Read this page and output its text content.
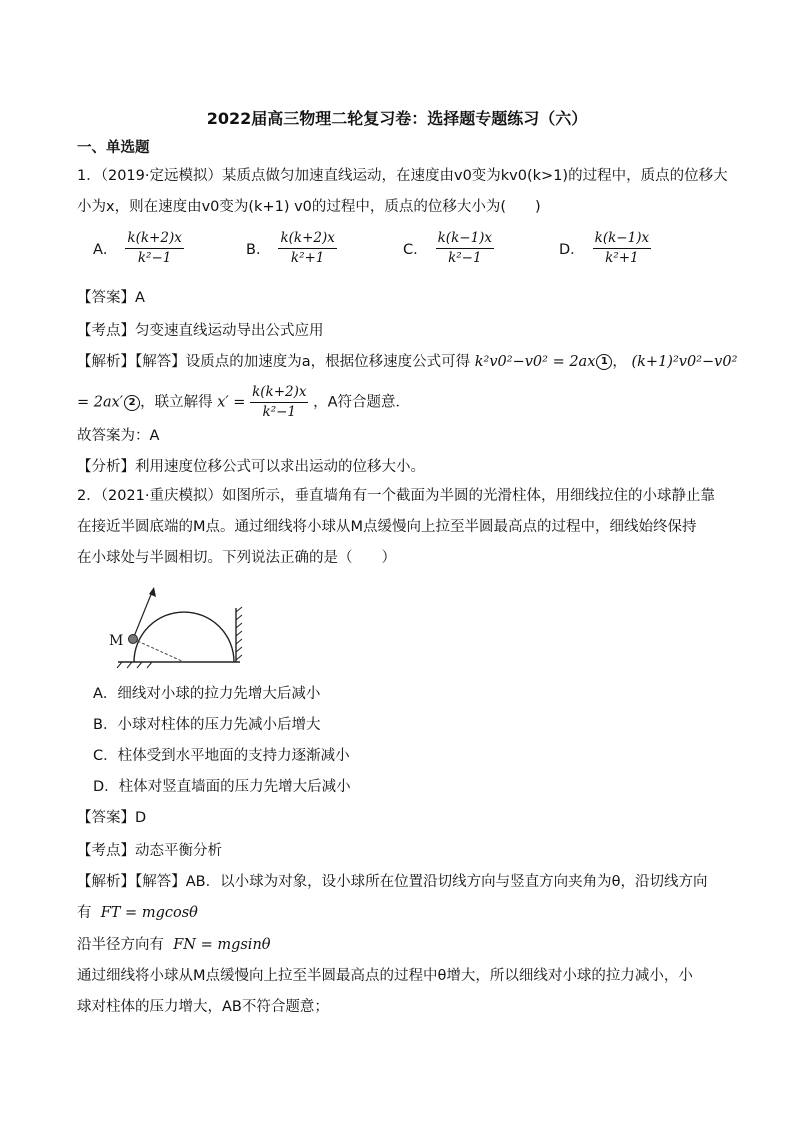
2022届高三物理二轮复习卷：选择题专题练习（六）
一、单选题
1．（2019·定远模拟）某质点做匀加速直线运动，在速度由v0变为kv0(k>1)的过程中，质点的位移大
小为x，则在速度由v0变为(k+1) v0的过程中，质点的位移大小为(　　)
A． $\frac{k(k+2)x}{\text{k²−1}}$	B． $\frac{k(k+2)x}{\text{k²+1}}$	C． $\frac{k(k-1)x}{\text{k²−1}}$	D． $\frac{k(k-1)x}{\text{k²+1}}$
【答案】A
【考点】匀变速直线运动导出公式应用
【解析】【解答】设质点的加速度为a，根据位移速度公式可得 k²v0²−v0² = 2ax 1 ， (k+1)²v0²−v0²
= 2ax′ 2 ，联立解得 $x' = \frac{k(k+2)x}{\text{k²−1}}$ ，A符合题意．
故答案为：A
【分析】利用速度位移公式可以求出运动的位移大小。
2．（2021·重庆模拟）如图所示，垂直墙角有一个截面为半圆的光滑柱体，用细线拉住的小球静止靠
在接近半圆底端的M点。通过细线将小球从M点缓慢向上拉至半圆最高点的过程中，细线始终保持
在小球处与半圆相切。下列说法正确的是（　　）
M
A．细线对小球的拉力先增大后减小
B．小球对柱体的压力先减小后增大
C．柱体受到水平地面的支持力逐渐减小
D．柱体对竖直墙面的压力先增大后减小
【答案】D
【考点】动态平衡分析
【解析】【解答】AB．以小球为对象，设小球所在位置沿切线方向与竖直方向夹角为θ，沿切线方向
有 FT = mgcosθ
沿半径方向有 FN = mgsinθ
通过细线将小球从M点缓慢向上拉至半圆最高点的过程中θ增大，所以细线对小球的拉力减小，小
球对柱体的压力增大，AB不符合题意；
